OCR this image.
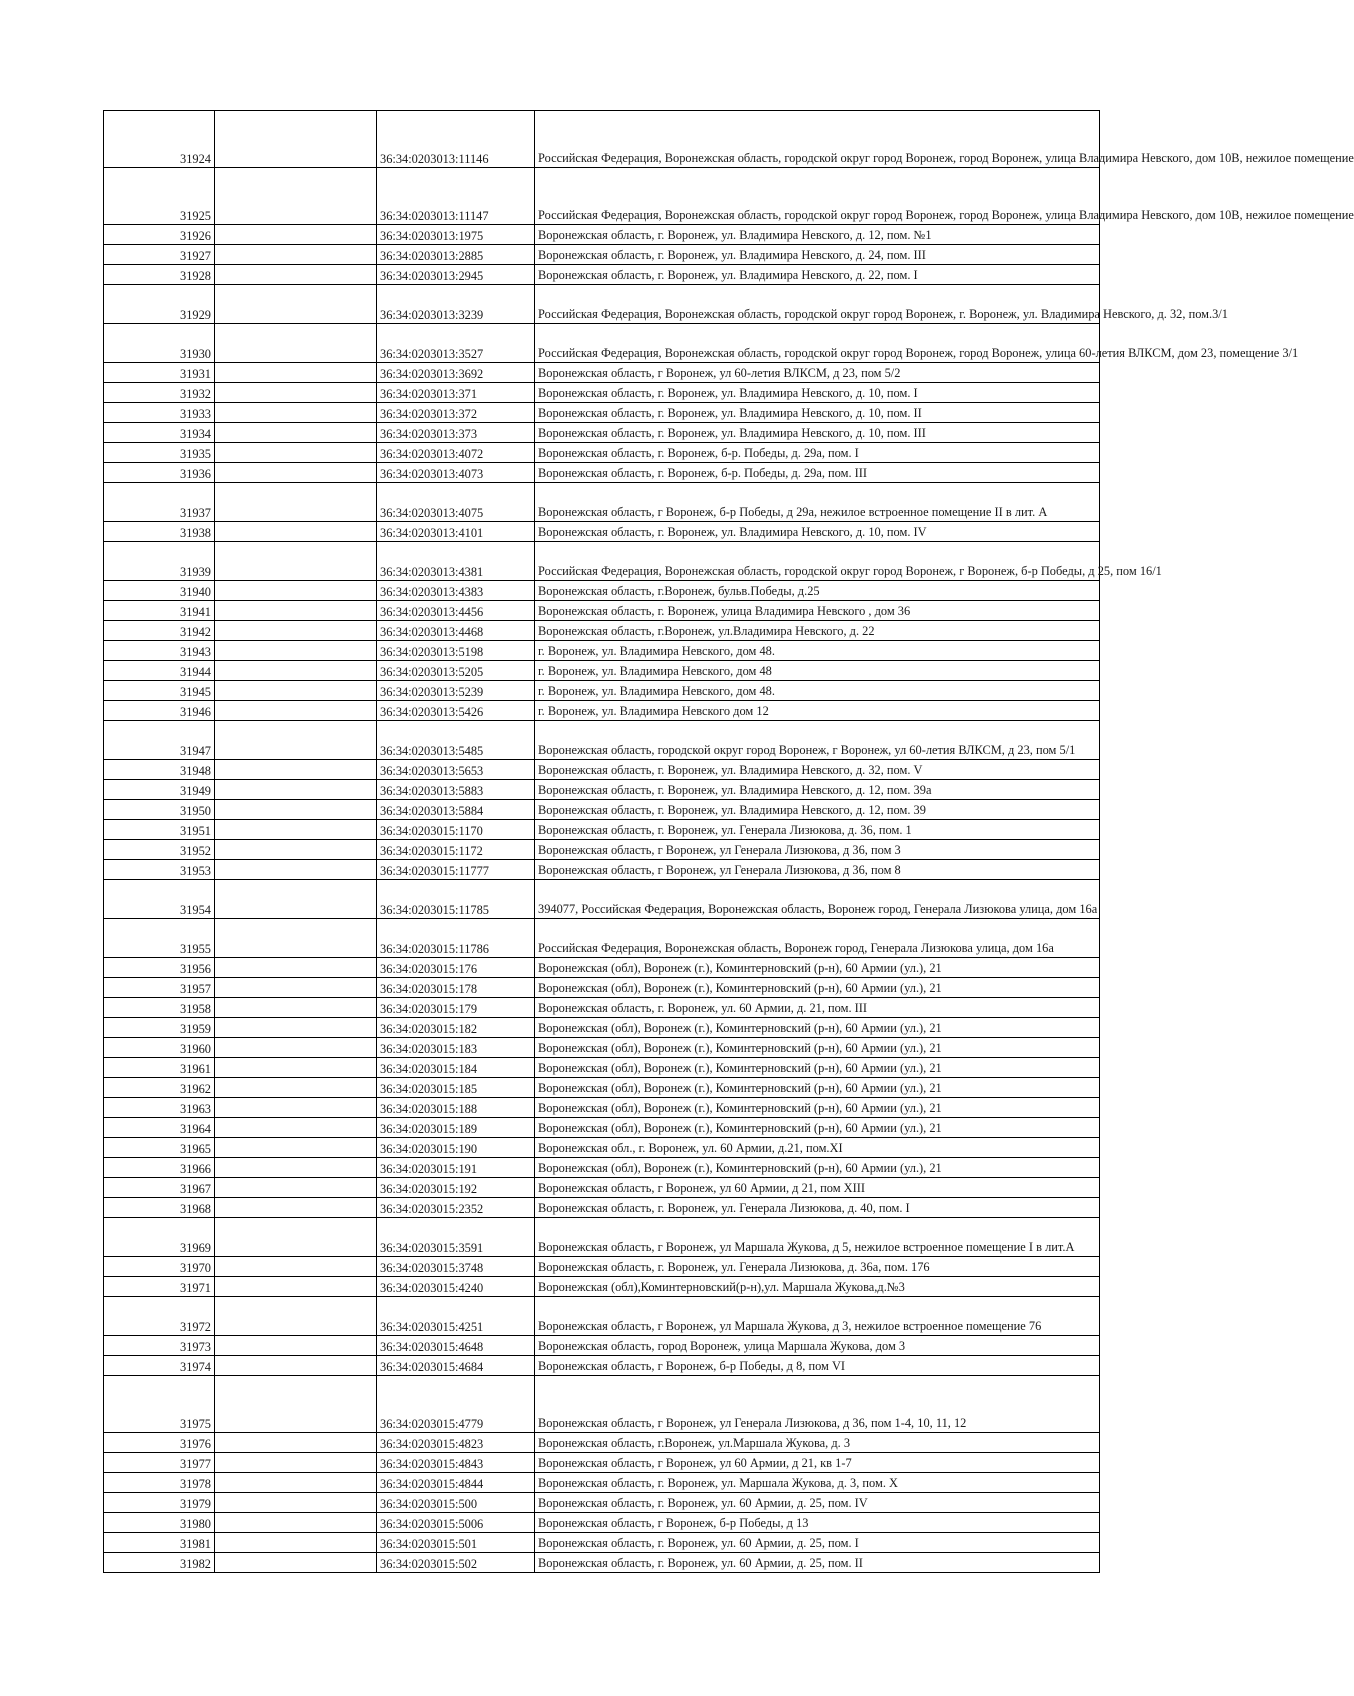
31924		36:34:0203013:11146	Российская Федерация, Воронежская область, городской округ город Воронеж, город Воронеж, улица Владимира Невского, дом 10В, нежилое помещение
31925		36:34:0203013:11147	Российская Федерация, Воронежская область, городской округ город Воронеж, город Воронеж, улица Владимира Невского, дом 10В, нежилое помещение
31926		36:34:0203013:1975	Воронежская область, г. Воронеж, ул. Владимира Невского, д. 12, пом. №1
31927		36:34:0203013:2885	Воронежская область, г. Воронеж, ул. Владимира Невского, д. 24, пом. III
31928		36:34:0203013:2945	Воронежская область, г. Воронеж, ул. Владимира Невского, д. 22, пом. I
31929		36:34:0203013:3239	Российская Федерация, Воронежская область, городской округ город Воронеж, г. Воронеж, ул. Владимира Невского, д. 32, пом.3/1
31930		36:34:0203013:3527	Российская Федерация, Воронежская область, городской округ город Воронеж, город Воронеж, улица 60-летия ВЛКСМ, дом 23, помещение 3/1
31931		36:34:0203013:3692	Воронежская область, г Воронеж, ул 60-летия ВЛКСМ, д 23, пом 5/2
31932		36:34:0203013:371	Воронежская область, г. Воронеж, ул. Владимира Невского, д. 10, пом. I
31933		36:34:0203013:372	Воронежская область, г. Воронеж, ул. Владимира Невского, д. 10, пом. II
31934		36:34:0203013:373	Воронежская область, г. Воронеж, ул. Владимира Невского, д. 10, пом. III
31935		36:34:0203013:4072	Воронежская область, г. Воронеж, б-р. Победы, д. 29а, пом. I
31936		36:34:0203013:4073	Воронежская область, г. Воронеж, б-р. Победы, д. 29а, пом. III
31937		36:34:0203013:4075	Воронежская область, г Воронеж, б-р Победы, д 29а, нежилое встроенное помещение II в лит. А
31938		36:34:0203013:4101	Воронежская область, г. Воронеж, ул. Владимира Невского, д. 10, пом. IV
31939		36:34:0203013:4381	Российская Федерация, Воронежская область, городской округ город Воронеж, г Воронеж, б-р Победы, д 25, пом 16/1
31940		36:34:0203013:4383	Воронежская область, г.Воронеж, бульв.Победы, д.25
31941		36:34:0203013:4456	Воронежская область, г. Воронеж, улица Владимира Невского , дом 36
31942		36:34:0203013:4468	Воронежская область, г.Воронеж, ул.Владимира Невского, д. 22
31943		36:34:0203013:5198	г. Воронеж, ул. Владимира Невского, дом 48.
31944		36:34:0203013:5205	г. Воронеж, ул. Владимира Невского, дом 48
31945		36:34:0203013:5239	г. Воронеж, ул. Владимира Невского, дом 48.
31946		36:34:0203013:5426	г. Воронеж, ул. Владимира Невского дом 12
31947		36:34:0203013:5485	Воронежская область, городской округ город Воронеж, г Воронеж, ул 60-летия ВЛКСМ, д 23, пом 5/1
31948		36:34:0203013:5653	Воронежская область, г. Воронеж, ул. Владимира Невского, д. 32, пом. V
31949		36:34:0203013:5883	Воронежская область, г. Воронеж, ул. Владимира Невского, д. 12, пом. 39а
31950		36:34:0203013:5884	Воронежская область, г. Воронеж, ул. Владимира Невского, д. 12, пом. 39
31951		36:34:0203015:1170	Воронежская область, г. Воронеж, ул. Генерала Лизюкова, д. 36, пом. 1
31952		36:34:0203015:1172	Воронежская область, г Воронеж, ул Генерала Лизюкова, д 36, пом 3
31953		36:34:0203015:11777	Воронежская область, г Воронеж, ул Генерала Лизюкова, д 36, пом 8
31954		36:34:0203015:11785	394077, Российская Федерация, Воронежская область, Воронеж город, Генерала Лизюкова улица, дом 16а
31955		36:34:0203015:11786	Российская Федерация, Воронежская область, Воронеж город, Генерала Лизюкова улица, дом 16а
31956		36:34:0203015:176	Воронежская (обл), Воронеж (г.), Коминтерновский (р-н), 60 Армии (ул.), 21
31957		36:34:0203015:178	Воронежская (обл), Воронеж (г.), Коминтерновский (р-н), 60 Армии (ул.), 21
31958		36:34:0203015:179	Воронежская область, г. Воронеж, ул. 60 Армии, д. 21, пом. III
31959		36:34:0203015:182	Воронежская (обл), Воронеж (г.), Коминтерновский (р-н), 60 Армии (ул.), 21
31960		36:34:0203015:183	Воронежская (обл), Воронеж (г.), Коминтерновский (р-н), 60 Армии (ул.), 21
31961		36:34:0203015:184	Воронежская (обл), Воронеж (г.), Коминтерновский (р-н), 60 Армии (ул.), 21
31962		36:34:0203015:185	Воронежская (обл), Воронеж (г.), Коминтерновский (р-н), 60 Армии (ул.), 21
31963		36:34:0203015:188	Воронежская (обл), Воронеж (г.), Коминтерновский (р-н), 60 Армии (ул.), 21
31964		36:34:0203015:189	Воронежская (обл), Воронеж (г.), Коминтерновский (р-н), 60 Армии (ул.), 21
31965		36:34:0203015:190	Воронежская обл., г. Воронеж, ул. 60 Армии, д.21, пом.XI
31966		36:34:0203015:191	Воронежская (обл), Воронеж (г.), Коминтерновский (р-н), 60 Армии (ул.), 21
31967		36:34:0203015:192	Воронежская область, г Воронеж, ул 60 Армии, д 21, пом XIII
31968		36:34:0203015:2352	Воронежская область, г. Воронеж, ул. Генерала Лизюкова, д. 40, пом. I
31969		36:34:0203015:3591	Воронежская область, г Воронеж, ул Маршала Жукова, д 5, нежилое встроенное помещение I в лит.А
31970		36:34:0203015:3748	Воронежская область, г. Воронеж, ул. Генерала Лизюкова, д. 36а, пом. 176
31971		36:34:0203015:4240	Воронежская (обл),Коминтерновский(р-н),ул. Маршала Жукова,д.№3
31972		36:34:0203015:4251	Воронежская область, г Воронеж, ул Маршала Жукова, д 3, нежилое встроенное помещение 76
31973		36:34:0203015:4648	Воронежская область, город Воронеж, улица Маршала Жукова, дом 3
31974		36:34:0203015:4684	Воронежская область, г Воронеж, б-р Победы, д 8, пом VI
31975		36:34:0203015:4779	Воронежская область, г Воронеж, ул Генерала Лизюкова, д 36, пом 1-4, 10, 11, 12
31976		36:34:0203015:4823	Воронежская область, г.Воронеж, ул.Маршала Жукова, д. 3
31977		36:34:0203015:4843	Воронежская область, г Воронеж, ул 60 Армии, д 21, кв 1-7
31978		36:34:0203015:4844	Воронежская область, г. Воронеж, ул. Маршала Жукова, д. 3, пом. X
31979		36:34:0203015:500	Воронежская область, г. Воронеж, ул. 60 Армии, д. 25, пом. IV
31980		36:34:0203015:5006	Воронежская область, г Воронеж, б-р Победы, д 13
31981		36:34:0203015:501	Воронежская область, г. Воронеж, ул. 60 Армии, д. 25, пом. I
31982		36:34:0203015:502	Воронежская область, г. Воронеж, ул. 60 Армии, д. 25, пом. II
